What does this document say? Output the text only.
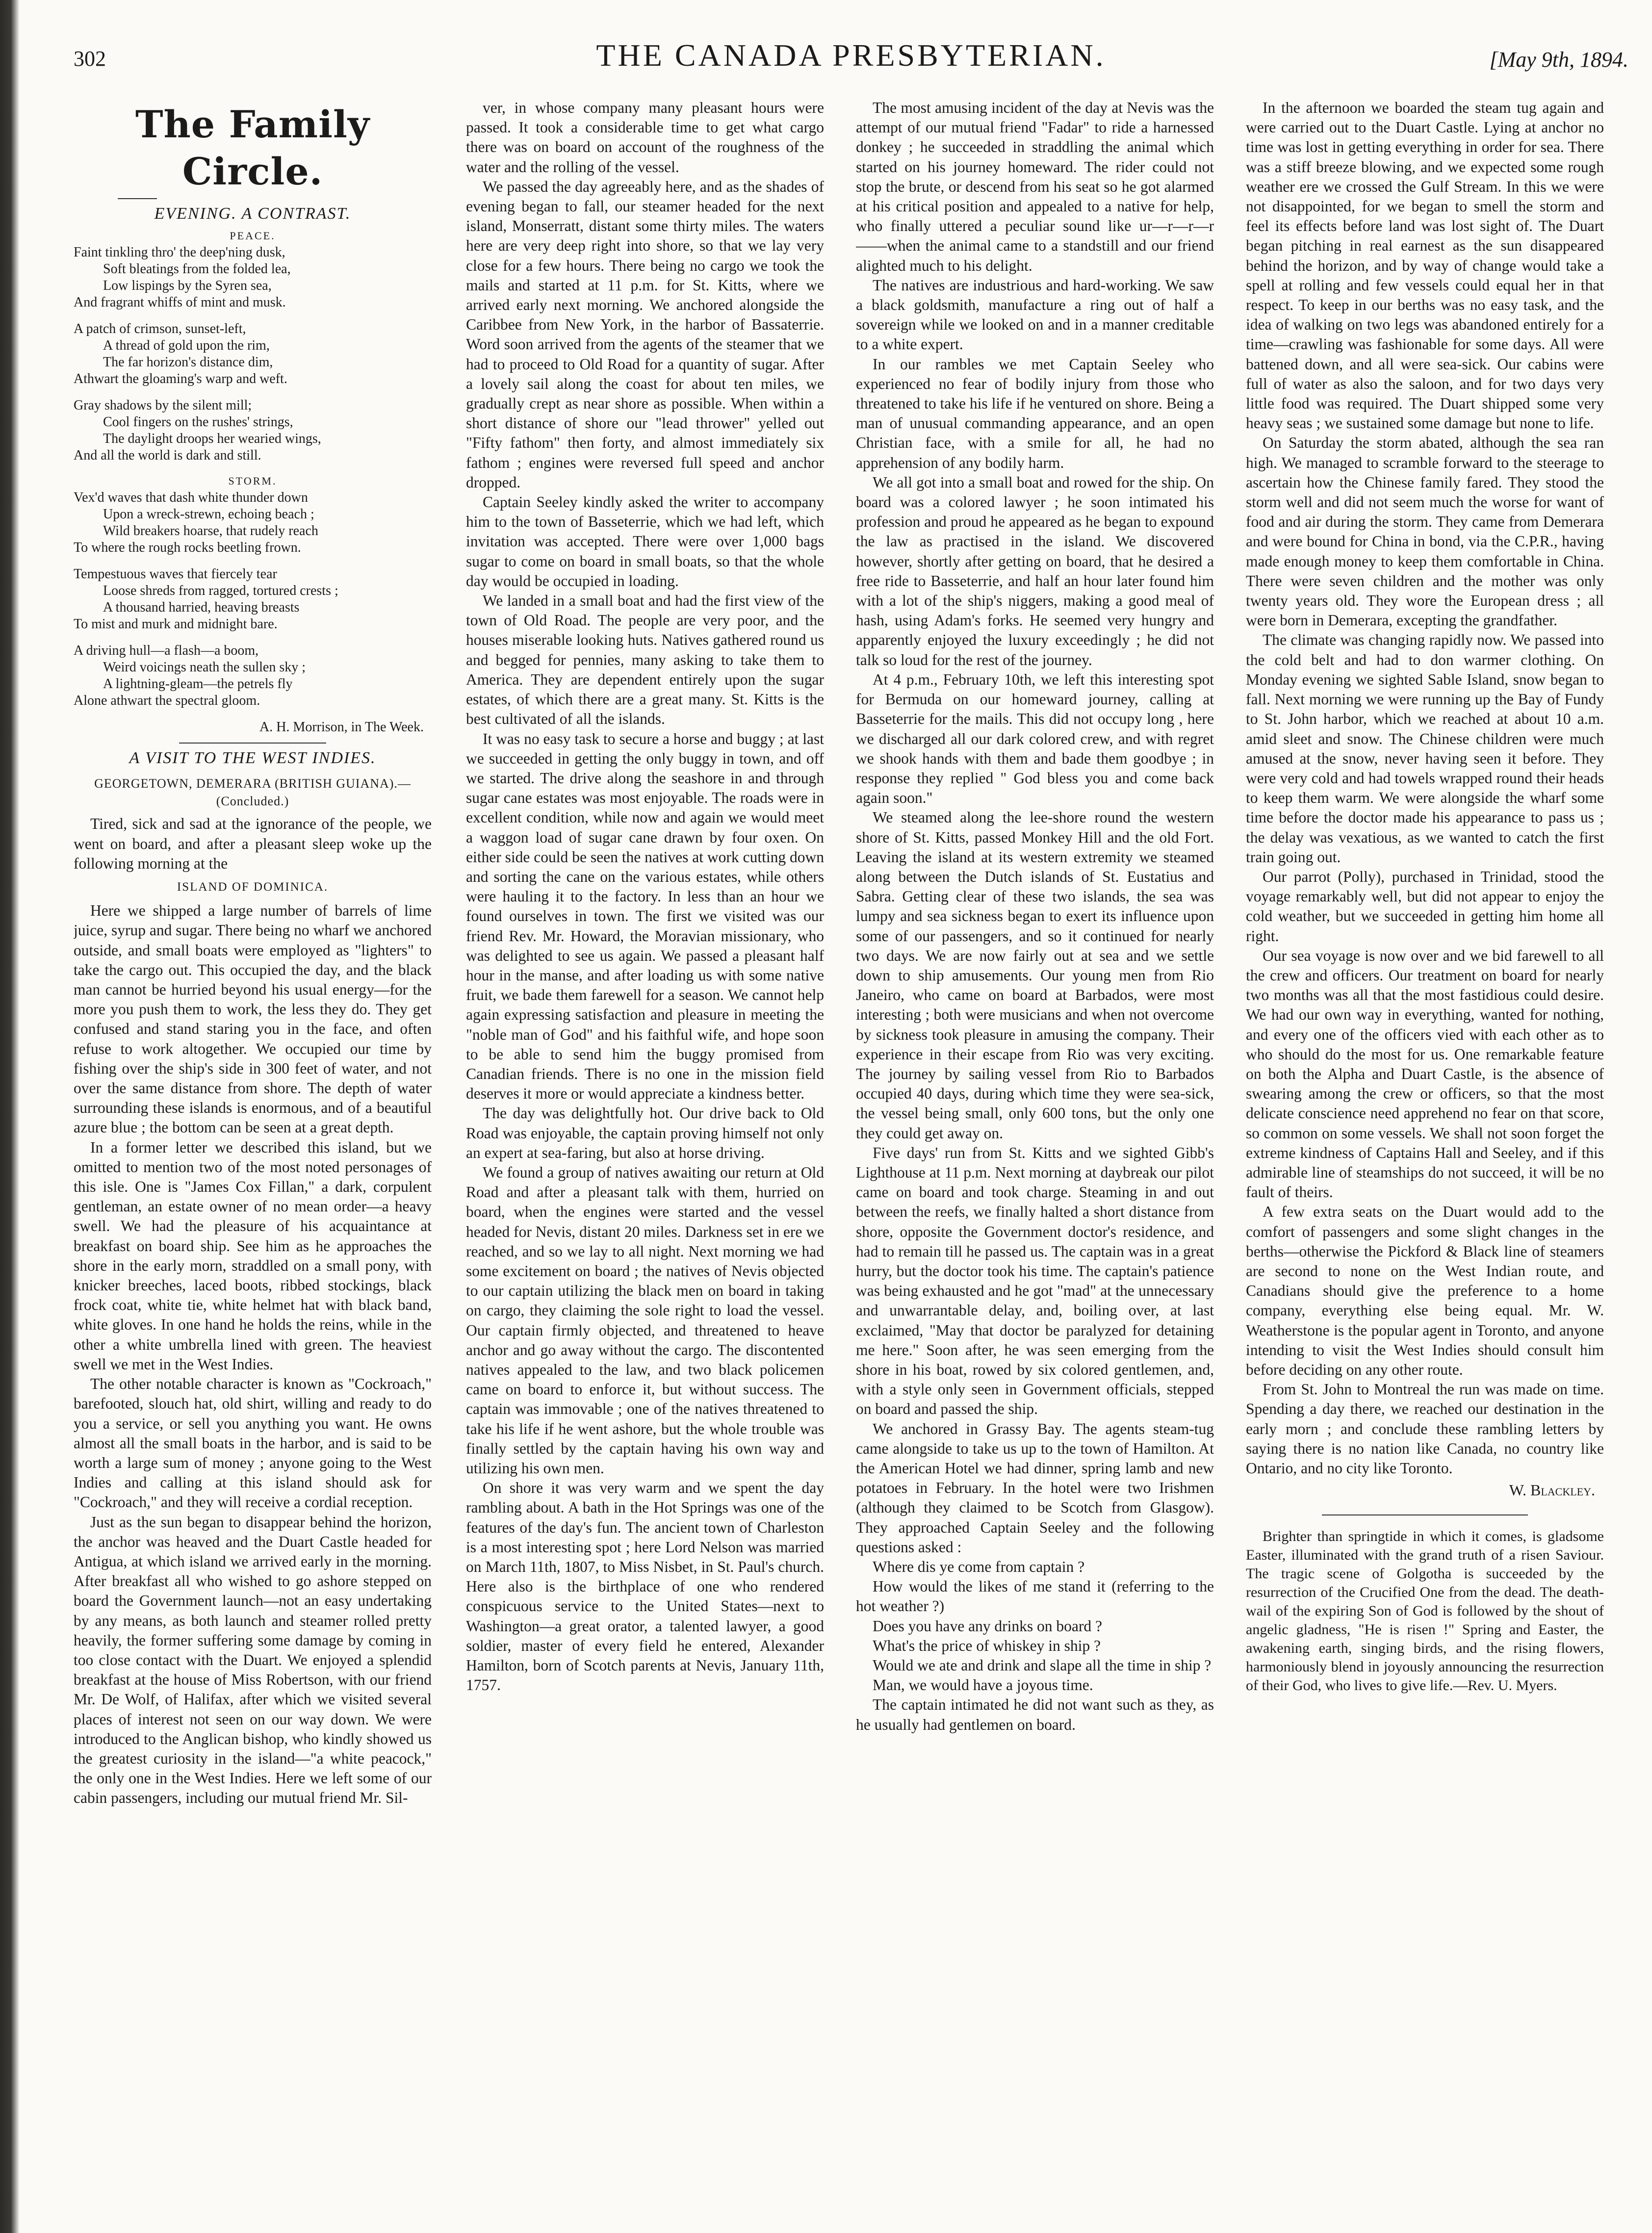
302	THE CANADA PRESBYTERIAN.	[May 9th, 1894.
The Family Circle.
EVENING. A CONTRAST.
PEACE.
Faint tinkling thro' the deep'ning dusk,
Soft bleatings from the folded lea,
Low lispings by the Syren sea,
And fragrant whiffs of mint and musk.
A patch of crimson, sunset-left,
A thread of gold upon the rim,
The far horizon's distance dim,
Athwart the gloaming's warp and weft.
Gray shadows by the silent mill;
Cool fingers on the rushes' strings,
The daylight droops her wearied wings,
And all the world is dark and still.
STORM.
Vex'd waves that dash white thunder down
Upon a wreck-strewn, echoing beach ;
Wild breakers hoarse, that rudely reach
To where the rough rocks beetling frown.
Tempestuous waves that fiercely tear
Loose shreds from ragged, tortured crests ;
A thousand harried, heaving breasts
To mist and murk and midnight bare.
A driving hull—a flash—a boom,
Weird voicings neath the sullen sky ;
A lightning-gleam—the petrels fly
Alone athwart the spectral gloom.
A. H. Morrison, in The Week.
A VISIT TO THE WEST INDIES.
GEORGETOWN, DEMERARA (BRITISH GUIANA).—(Concluded.)

Tired, sick and sad at the ignorance of the people, we went on board, and after a pleasant sleep woke up the following morning at the

ISLAND OF DOMINICA.

Here we shipped a large number of barrels of lime juice, syrup and sugar. There being no wharf we anchored outside, and small boats were employed as "lighters" to take the cargo out. This occupied the day, and the black man cannot be hurried beyond his usual energy—for the more you push them to work, the less they do. They get confused and stand staring you in the face, and often refuse to work altogether. We occupied our time by fishing over the ship's side in 300 feet of water, and not over the same distance from shore. The depth of water surrounding these islands is enormous, and of a beautiful azure blue ; the bottom can be seen at a great depth.

In a former letter we described this island, but we omitted to mention two of the most noted personages of this isle. One is "James Cox Fillan," a dark, corpulent gentleman, an estate owner of no mean order—a heavy swell. We had the pleasure of his acquaintance at breakfast on board ship. See him as he approaches the shore in the early morn, straddled on a small pony, with knicker breeches, laced boots, ribbed stockings, black frock coat, white tie, white helmet hat with black band, white gloves. In one hand he holds the reins, while in the other a white umbrella lined with green. The heaviest swell we met in the West Indies.

The other notable character is known as "Cockroach," barefooted, slouch hat, old shirt, willing and ready to do you a service, or sell you anything you want. He owns almost all the small boats in the harbor, and is said to be worth a large sum of money ; anyone going to the West Indies and calling at this island should ask for "Cockroach," and they will receive a cordial reception.

Just as the sun began to disappear behind the horizon, the anchor was heaved and the Duart Castle headed for Antigua, at which island we arrived early in the morning. After breakfast all who wished to go ashore stepped on board the Government launch—not an easy undertaking by any means, as both launch and steamer rolled pretty heavily, the former suffering some damage by coming in too close contact with the Duart. We enjoyed a splendid breakfast at the house of Miss Robertson, with our friend Mr. De Wolf, of Halifax, after which we visited several places of interest not seen on our way down. We were introduced to the Anglican bishop, who kindly showed us the greatest curiosity in the island—"a white peacock," the only one in the West Indies. Here we left some of our cabin passengers, including our mutual friend Mr. Sil-

ver, in whose company many pleasant hours were passed. It took a considerable time to get what cargo there was on board on account of the roughness of the water and the rolling of the vessel.

We passed the day agreeably here, and as the shades of evening began to fall, our steamer headed for the next island, Monserratt, distant some thirty miles. The waters here are very deep right into shore, so that we lay very close for a few hours. There being no cargo we took the mails and started at 11 p.m. for St. Kitts, where we arrived early next morning. We anchored alongside the Caribbee from New York, in the harbor of Bassaterrie. Word soon arrived from the agents of the steamer that we had to proceed to Old Road for a quantity of sugar. After a lovely sail along the coast for about ten miles, we gradually crept as near shore as possible. When within a short distance of shore our "lead thrower" yelled out "Fifty fathom" then forty, and almost immediately six fathom ; engines were reversed full speed and anchor dropped.

Captain Seeley kindly asked the writer to accompany him to the town of Basseterrie, which we had left, which invitation was accepted. There were over 1,000 bags sugar to come on board in small boats, so that the whole day would be occupied in loading.

We landed in a small boat and had the first view of the town of Old Road. The people are very poor, and the houses miserable looking huts. Natives gathered round us and begged for pennies, many asking to take them to America. They are dependent entirely upon the sugar estates, of which there are a great many. St. Kitts is the best cultivated of all the islands.

It was no easy task to secure a horse and buggy ; at last we succeeded in getting the only buggy in town, and off we started. The drive along the seashore in and through sugar cane estates was most enjoyable. The roads were in excellent condition, while now and again we would meet a waggon load of sugar cane drawn by four oxen. On either side could be seen the natives at work cutting down and sorting the cane on the various estates, while others were hauling it to the factory. In less than an hour we found ourselves in town. The first we visited was our friend Rev. Mr. Howard, the Moravian missionary, who was delighted to see us again. We passed a pleasant half hour in the manse, and after loading us with some native fruit, we bade them farewell for a season. We cannot help again expressing satisfaction and pleasure in meeting the "noble man of God" and his faithful wife, and hope soon to be able to send him the buggy promised from Canadian friends. There is no one in the mission field deserves it more or would appreciate a kindness better.

The day was delightfully hot. Our drive back to Old Road was enjoyable, the captain proving himself not only an expert at sea-faring, but also at horse driving.

We found a group of natives awaiting our return at Old Road and after a pleasant talk with them, hurried on board, when the engines were started and the vessel headed for Nevis, distant 20 miles. Darkness set in ere we reached, and so we lay to all night. Next morning we had some excitement on board ; the natives of Nevis objected to our captain utilizing the black men on board in taking on cargo, they claiming the sole right to load the vessel. Our captain firmly objected, and threatened to heave anchor and go away without the cargo. The discontented natives appealed to the law, and two black policemen came on board to enforce it, but without success. The captain was immovable ; one of the natives threatened to take his life if he went ashore, but the whole trouble was finally settled by the captain having his own way and utilizing his own men.

On shore it was very warm and we spent the day rambling about. A bath in the Hot Springs was one of the features of the day's fun. The ancient town of Charleston is a most interesting spot ; here Lord Nelson was married on March 11th, 1807, to Miss Nisbet, in St. Paul's church. Here also is the birthplace of one who rendered conspicuous service to the United States—next to Washington—a great orator, a talented lawyer, a good soldier, master of every field he entered, Alexander Hamilton, born of Scotch parents at Nevis, January 11th, 1757.

The most amusing incident of the day at Nevis was the attempt of our mutual friend "Fadar" to ride a harnessed donkey ; he succeeded in straddling the animal which started on his journey homeward. The rider could not stop the brute, or descend from his seat so he got alarmed at his critical position and appealed to a native for help, who finally uttered a peculiar sound like ur—r—r—r——when the animal came to a standstill and our friend alighted much to his delight.

The natives are industrious and hard-working. We saw a black goldsmith, manufacture a ring out of half a sovereign while we looked on and in a manner creditable to a white expert.

In our rambles we met Captain Seeley who experienced no fear of bodily injury from those who threatened to take his life if he ventured on shore. Being a man of unusual commanding appearance, and an open Christian face, with a smile for all, he had no apprehension of any bodily harm.

We all got into a small boat and rowed for the ship. On board was a colored lawyer ; he soon intimated his profession and proud he appeared as he began to expound the law as practised in the island. We discovered however, shortly after getting on board, that he desired a free ride to Basseterrie, and half an hour later found him with a lot of the ship's niggers, making a good meal of hash, using Adam's forks. He seemed very hungry and apparently enjoyed the luxury exceedingly ; he did not talk so loud for the rest of the journey.

At 4 p.m., February 10th, we left this interesting spot for Bermuda on our homeward journey, calling at Basseterrie for the mails. This did not occupy long , here we discharged all our dark colored crew, and with regret we shook hands with them and bade them goodbye ; in response they replied " God bless you and come back again soon."

We steamed along the lee-shore round the western shore of St. Kitts, passed Monkey Hill and the old Fort. Leaving the island at its western extremity we steamed along between the Dutch islands of St. Eustatius and Sabra. Getting clear of these two islands, the sea was lumpy and sea sickness began to exert its influence upon some of our passengers, and so it continued for nearly two days. We are now fairly out at sea and we settle down to ship amusements. Our young men from Rio Janeiro, who came on board at Barbados, were most interesting ; both were musicians and when not overcome by sickness took pleasure in amusing the company. Their experience in their escape from Rio was very exciting. The journey by sailing vessel from Rio to Barbados occupied 40 days, during which time they were sea-sick, the vessel being small, only 600 tons, but the only one they could get away on.

Five days' run from St. Kitts and we sighted Gibb's Lighthouse at 11 p.m. Next morning at daybreak our pilot came on board and took charge. Steaming in and out between the reefs, we finally halted a short distance from shore, opposite the Government doctor's residence, and had to remain till he passed us. The captain was in a great hurry, but the doctor took his time. The captain's patience was being exhausted and he got "mad" at the unnecessary and unwarrantable delay, and, boiling over, at last exclaimed, "May that doctor be paralyzed for detaining me here." Soon after, he was seen emerging from the shore in his boat, rowed by six colored gentlemen, and, with a style only seen in Government officials, stepped on board and passed the ship.

We anchored in Grassy Bay. The agents steam-tug came alongside to take us up to the town of Hamilton. At the American Hotel we had dinner, spring lamb and new potatoes in February. In the hotel were two Irishmen (although they claimed to be Scotch from Glasgow). They approached Captain Seeley and the following questions asked :

Where dis ye come from captain ?

How would the likes of me stand it (referring to the hot weather ?)

Does you have any drinks on board ?

What's the price of whiskey in ship ?

Would we ate and drink and slape all the time in ship ?

Man, we would have a joyous time.

The captain intimated he did not want such as they, as he usually had gentlemen on board.

In the afternoon we boarded the steam tug again and were carried out to the Duart Castle. Lying at anchor no time was lost in getting everything in order for sea. There was a stiff breeze blowing, and we expected some rough weather ere we crossed the Gulf Stream. In this we were not disappointed, for we began to smell the storm and feel its effects before land was lost sight of. The Duart began pitching in real earnest as the sun disappeared behind the horizon, and by way of change would take a spell at rolling and few vessels could equal her in that respect. To keep in our berths was no easy task, and the idea of walking on two legs was abandoned entirely for a time—crawling was fashionable for some days. All were battened down, and all were sea-sick. Our cabins were full of water as also the saloon, and for two days very little food was required. The Duart shipped some very heavy seas ; we sustained some damage but none to life.

On Saturday the storm abated, although the sea ran high. We managed to scramble forward to the steerage to ascertain how the Chinese family fared. They stood the storm well and did not seem much the worse for want of food and air during the storm. They came from Demerara and were bound for China in bond, via the C.P.R., having made enough money to keep them comfortable in China. There were seven children and the mother was only twenty years old. They wore the European dress ; all were born in Demerara, excepting the grandfather.

The climate was changing rapidly now. We passed into the cold belt and had to don warmer clothing. On Monday evening we sighted Sable Island, snow began to fall. Next morning we were running up the Bay of Fundy to St. John harbor, which we reached at about 10 a.m. amid sleet and snow. The Chinese children were much amused at the snow, never having seen it before. They were very cold and had towels wrapped round their heads to keep them warm. We were alongside the wharf some time before the doctor made his appearance to pass us ; the delay was vexatious, as we wanted to catch the first train going out.

Our parrot (Polly), purchased in Trinidad, stood the voyage remarkably well, but did not appear to enjoy the cold weather, but we succeeded in getting him home all right.

Our sea voyage is now over and we bid farewell to all the crew and officers. Our treatment on board for nearly two months was all that the most fastidious could desire. We had our own way in everything, wanted for nothing, and every one of the officers vied with each other as to who should do the most for us. One remarkable feature on both the Alpha and Duart Castle, is the absence of swearing among the crew or officers, so that the most delicate conscience need apprehend no fear on that score, so common on some vessels. We shall not soon forget the extreme kindness of Captains Hall and Seeley, and if this admirable line of steamships do not succeed, it will be no fault of theirs.

A few extra seats on the Duart would add to the comfort of passengers and some slight changes in the berths—otherwise the Pickford & Black line of steamers are second to none on the West Indian route, and Canadians should give the preference to a home company, everything else being equal. Mr. W. Weatherstone is the popular agent in Toronto, and anyone intending to visit the West Indies should consult him before deciding on any other route.

From St. John to Montreal the run was made on time. Spending a day there, we reached our destination in the early morn ; and conclude these rambling letters by saying there is no nation like Canada, no country like Ontario, and no city like Toronto.

W. Blackley.

Brighter than springtide in which it comes, is gladsome Easter, illuminated with the grand truth of a risen Saviour. The tragic scene of Golgotha is succeeded by the resurrection of the Crucified One from the dead. The death-wail of the expiring Son of God is followed by the shout of angelic gladness, "He is risen !" Spring and Easter, the awakening earth, singing birds, and the rising flowers, harmoniously blend in joyously announcing the resurrection of their God, who lives to give life.—Rev. U. Myers.
